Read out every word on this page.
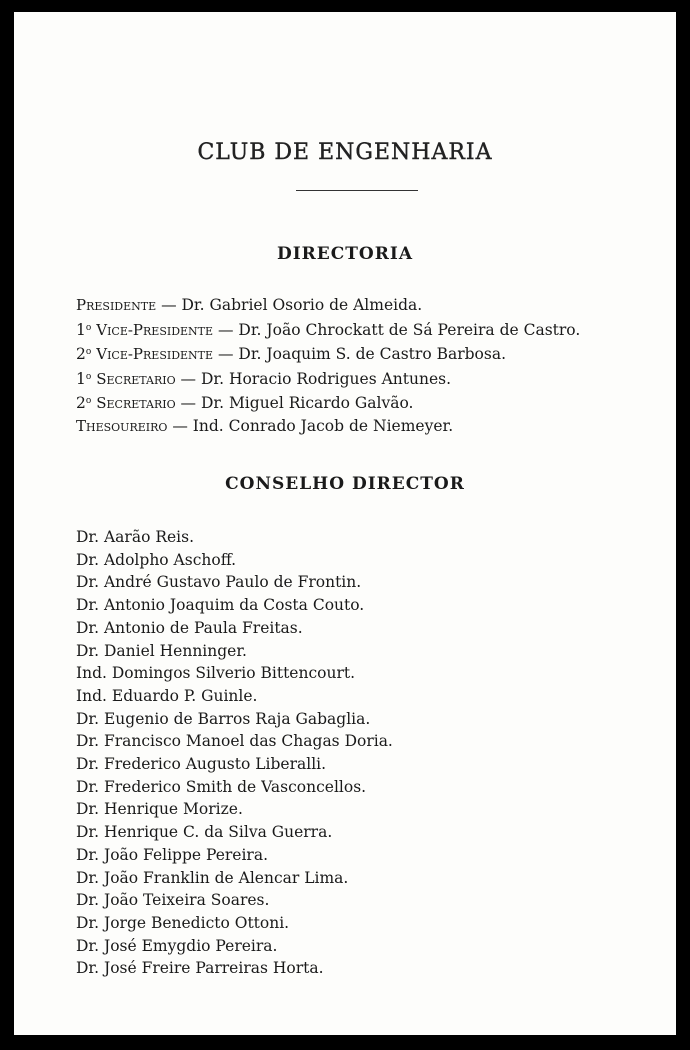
CLUB DE ENGENHARIA
DIRECTORIA
Presidente — Dr. Gabriel Osorio de Almeida.
1$^o$ Vice-Presidente — Dr. João Chrockatt de Sá Pereira de Castro.
2$^o$ Vice-Presidente — Dr. Joaquim S. de Castro Barbosa.
1$^o$ Secretario — Dr. Horacio Rodrigues Antunes.
2$^o$ Secretario — Dr. Miguel Ricardo Galvão.
Thesoureiro — Ind. Conrado Jacob de Niemeyer.
CONSELHO DIRECTOR
Dr. Aarão Reis.
Dr. Adolpho Aschoff.
Dr. André Gustavo Paulo de Frontin.
Dr. Antonio Joaquim da Costa Couto.
Dr. Antonio de Paula Freitas.
Dr. Daniel Henninger.
Ind. Domingos Silverio Bittencourt.
Ind. Eduardo P. Guinle.
Dr. Eugenio de Barros Raja Gabaglia.
Dr. Francisco Manoel das Chagas Doria.
Dr. Frederico Augusto Liberalli.
Dr. Frederico Smith de Vasconcellos.
Dr. Henrique Morize.
Dr. Henrique C. da Silva Guerra.
Dr. João Felippe Pereira.
Dr. João Franklin de Alencar Lima.
Dr. João Teixeira Soares.
Dr. Jorge Benedicto Ottoni.
Dr. José Emygdio Pereira.
Dr. José Freire Parreiras Horta.
